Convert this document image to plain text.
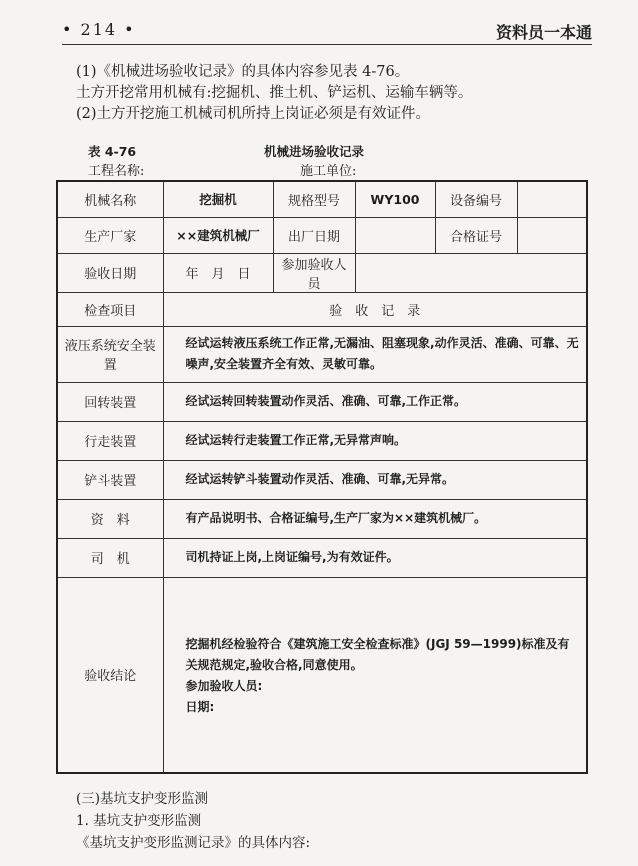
• 214 •	资料员一本通
(1)《机械进场验收记录》的具体内容参见表 4-76。
土方开挖常用机械有:挖掘机、推土机、铲运机、运输车辆等。
(2)土方开挖施工机械司机所持上岗证必须是有效证件。
表 4-76	机械进场验收记录
工程名称:	施工单位:
机械名称	挖掘机	规格型号	WY100	设备编号	
生产厂家	××建筑机械厂	出厂日期		合格证号	
验收日期	年　月　日	参加验收人员			
检查项目	验　收　记　录				
液压系统安全装置	经试运转液压系统工作正常,无漏油、阻塞现象,动作灵活、准确、可靠、无噪声,安全装置齐全有效、灵敏可靠。				
回转装置	经试运转回转装置动作灵活、准确、可靠,工作正常。				
行走装置	经试运转行走装置工作正常,无异常声响。				
铲斗装置	经试运转铲斗装置动作灵活、准确、可靠,无异常。				
资　料	有产品说明书、合格证编号,生产厂家为××建筑机械厂。				
司　机	司机持证上岗,上岗证编号,为有效证件。				
验收结论	挖掘机经检验符合《建筑施工安全检查标准》(JGJ 59—1999)标准及有关规范规定,验收合格,同意使用。

参加验收人员:

日期:				

(三)基坑支护变形监测
1. 基坑支护变形监测
《基坑支护变形监测记录》的具体内容:
